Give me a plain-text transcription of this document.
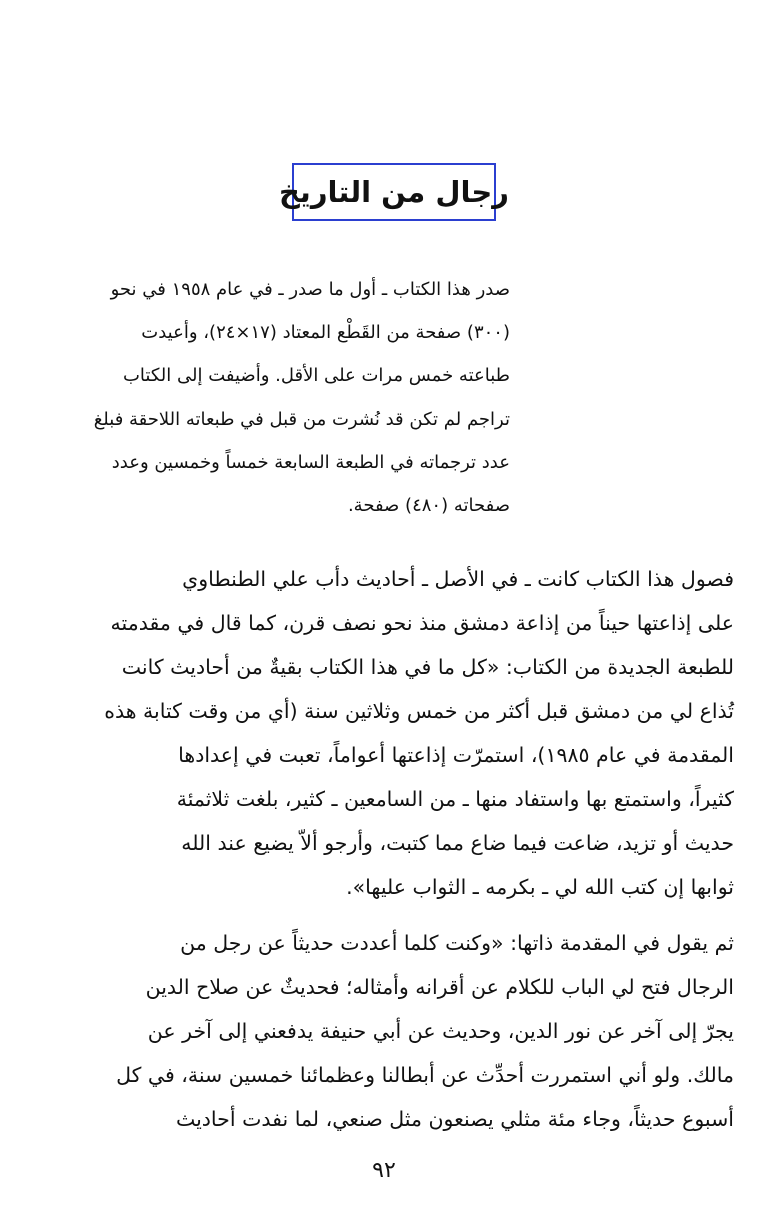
رجال من التاريخ
صدر هذا الكتاب ـ أول ما صدر ـ في عام ١٩٥٨ في نحو
(٣٠٠) صفحة من القَطْع المعتاد (١٧×٢٤)، وأعيدت
طباعته خمس مرات على الأقل. وأضيفت إلى الكتاب
تراجم لم تكن قد نُشرت من قبل في طبعاته اللاحقة فبلغ
عدد ترجماته في الطبعة السابعة خمساً وخمسين وعدد
صفحاته (٤٨٠) صفحة.
فصول هذا الكتاب كانت ـ في الأصل ـ أحاديث دأب علي الطنطاوي
على إذاعتها حيناً من إذاعة دمشق منذ نحو نصف قرن، كما قال في مقدمته
للطبعة الجديدة من الكتاب: «كل ما في هذا الكتاب بقيةٌ من أحاديث كانت
تُذاع لي من دمشق قبل أكثر من خمس وثلاثين سنة (أي من وقت كتابة هذه
المقدمة في عام ١٩٨٥)، استمرّت إذاعتها أعواماً، تعبت في إعدادها
كثيراً، واستمتع بها واستفاد منها ـ من السامعين ـ كثير، بلغت ثلاثمئة
حديث أو تزيد، ضاعت فيما ضاع مما كتبت، وأرجو ألاّ يضيع عند الله
ثوابها إن كتب الله لي ـ بكرمه ـ الثواب عليها».
ثم يقول في المقدمة ذاتها: «وكنت كلما أعددت حديثاً عن رجل من
الرجال فتح لي الباب للكلام عن أقرانه وأمثاله؛ فحديثٌ عن صلاح الدين
يجرّ إلى آخر عن نور الدين، وحديث عن أبي حنيفة يدفعني إلى آخر عن
مالك. ولو أني استمررت أحدِّث عن أبطالنا وعظمائنا خمسين سنة، في كل
أسبوع حديثاً، وجاء مئة مثلي يصنعون مثل صنعي، لما نفدت أحاديث
٩٢
